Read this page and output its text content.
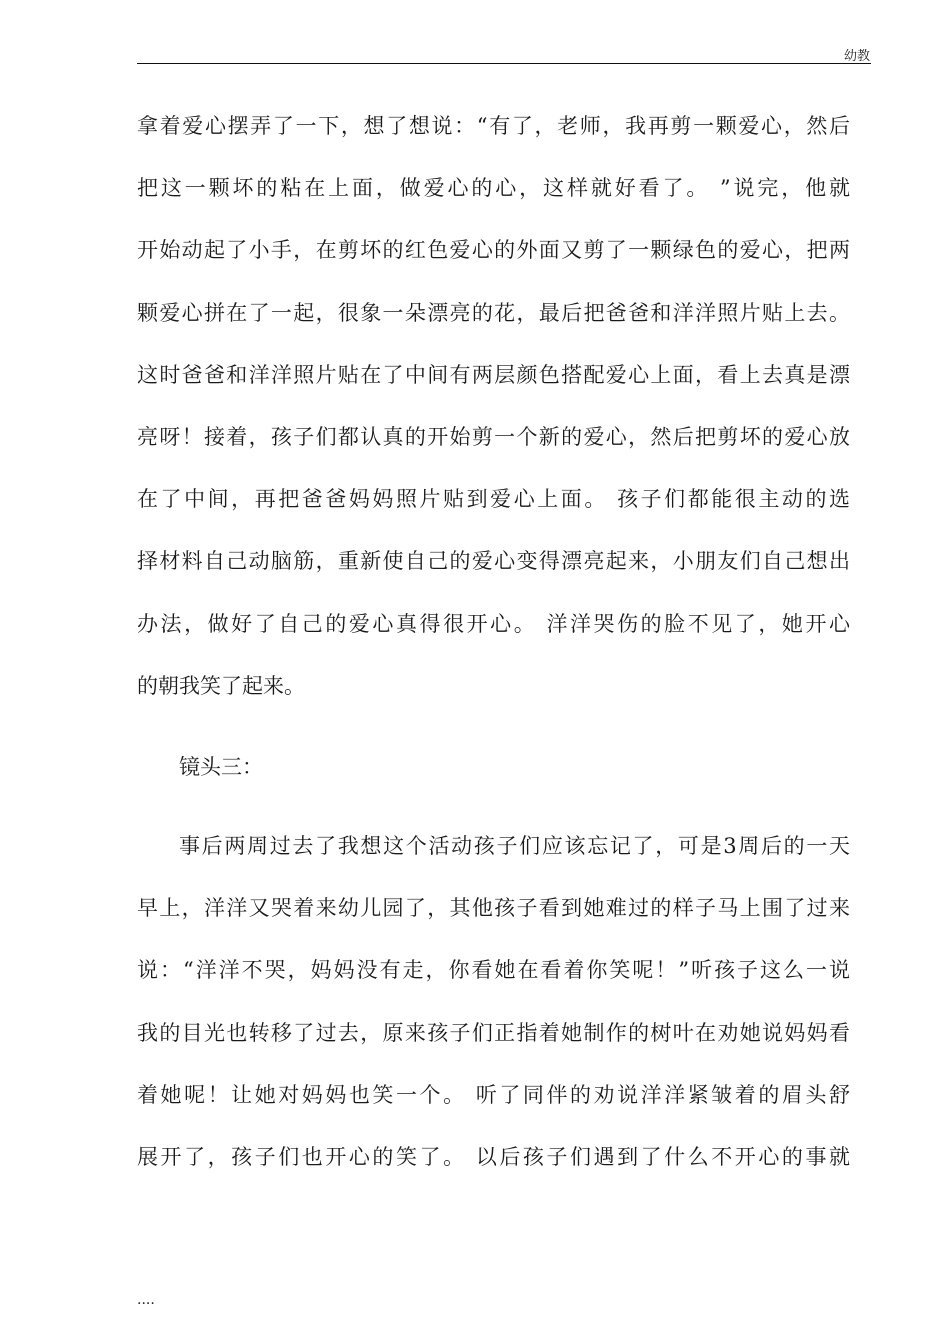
幼教
拿着爱心摆弄了一下，想了想说：“有了，老师，我再剪一颗爱心，然后
把这一颗坏的粘在上面，做爱心的心，这样就好看了。 ”说完，他就
开始动起了小手，在剪坏的红色爱心的外面又剪了一颗绿色的爱心，把两
颗爱心拼在了一起，很象一朵漂亮的花，最后把爸爸和洋洋照片贴上去。
这时爸爸和洋洋照片贴在了中间有两层颜色搭配爱心上面，看上去真是漂
亮呀！接着，孩子们都认真的开始剪一个新的爱心，然后把剪坏的爱心放
在了中间，再把爸爸妈妈照片贴到爱心上面。 孩子们都能很主动的选
择材料自己动脑筋，重新使自己的爱心变得漂亮起来，小朋友们自己想出
办法，做好了自己的爱心真得很开心。 洋洋哭伤的脸不见了，她开心
的朝我笑了起来。
镜头三：
事后两周过去了我想这个活动孩子们应该忘记了，可是3周后的一天
早上，洋洋又哭着来幼儿园了，其他孩子看到她难过的样子马上围了过来
说：“洋洋不哭，妈妈没有走，你看她在看着你笑呢！”听孩子这么一说
我的目光也转移了过去，原来孩子们正指着她制作的树叶在劝她说妈妈看
着她呢！让她对妈妈也笑一个。 听了同伴的劝说洋洋紧皱着的眉头舒
展开了，孩子们也开心的笑了。 以后孩子们遇到了什么不开心的事就
....
